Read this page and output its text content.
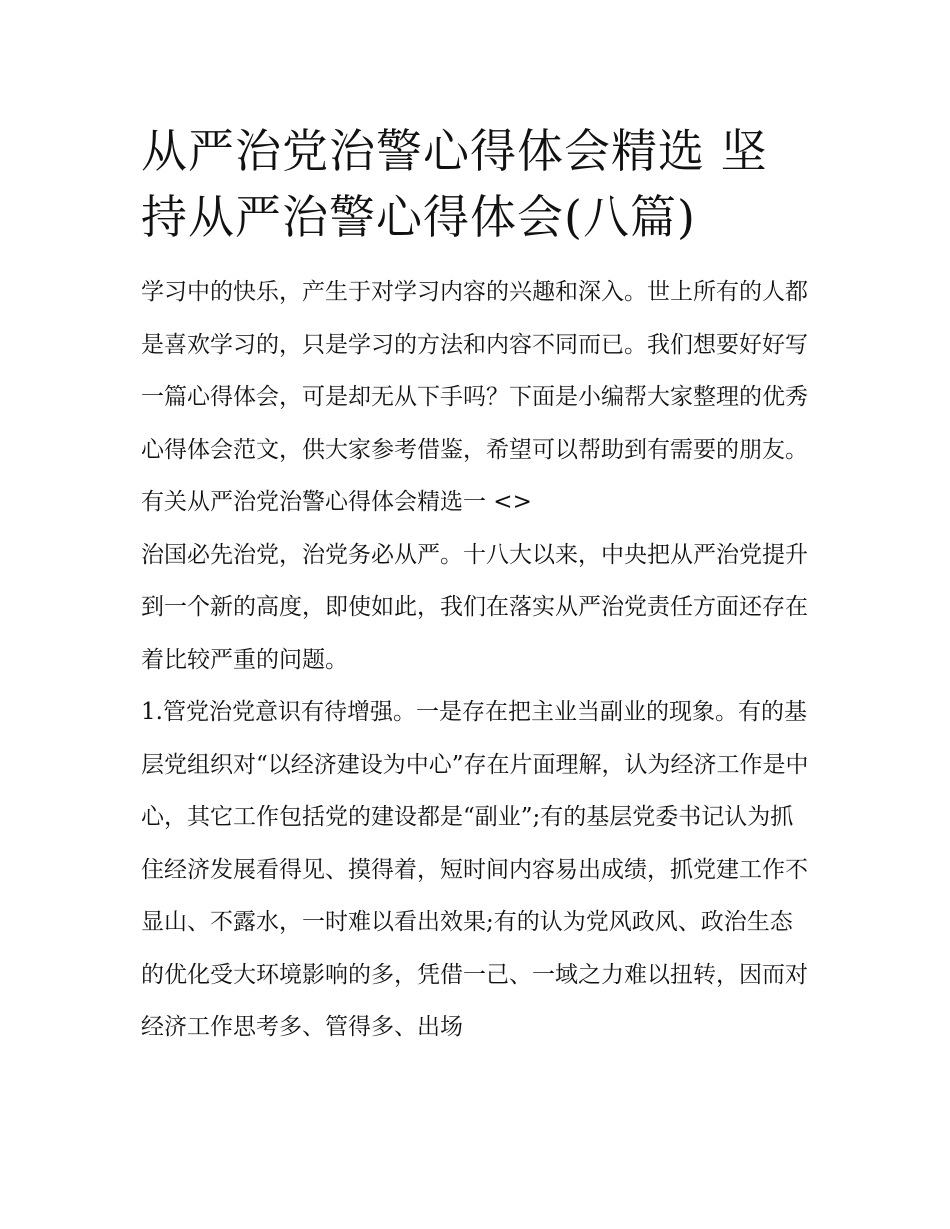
从严治党治警心得体会精选 坚持从严治警心得体会(八篇)

学习中的快乐，产生于对学习内容的兴趣和深入。世上所有的人都是喜欢学习的，只是学习的方法和内容不同而已。我们想要好好写一篇心得体会，可是却无从下手吗？下面是小编帮大家整理的优秀心得体会范文，供大家参考借鉴，希望可以帮助到有需要的朋友。

有关从严治党治警心得体会精选一 <>

治国必先治党，治党务必从严。十八大以来，中央把从严治党提升到一个新的高度，即使如此，我们在落实从严治党责任方面还存在着比较严重的问题。

1.管党治党意识有待增强。一是存在把主业当副业的现象。有的基层党组织对“以经济建设为中心”存在片面理解，认为经济工作是中心，其它工作包括党的建设都是“副业”;有的基层党委书记认为抓住经济发展看得见、摸得着，短时间内容易出成绩，抓党建工作不显山、不露水，一时难以看出效果;有的认为党风政风、政治生态的优化受大环境影响的多，凭借一己、一域之力难以扭转，因而对经济工作思考多、管得多、出场
